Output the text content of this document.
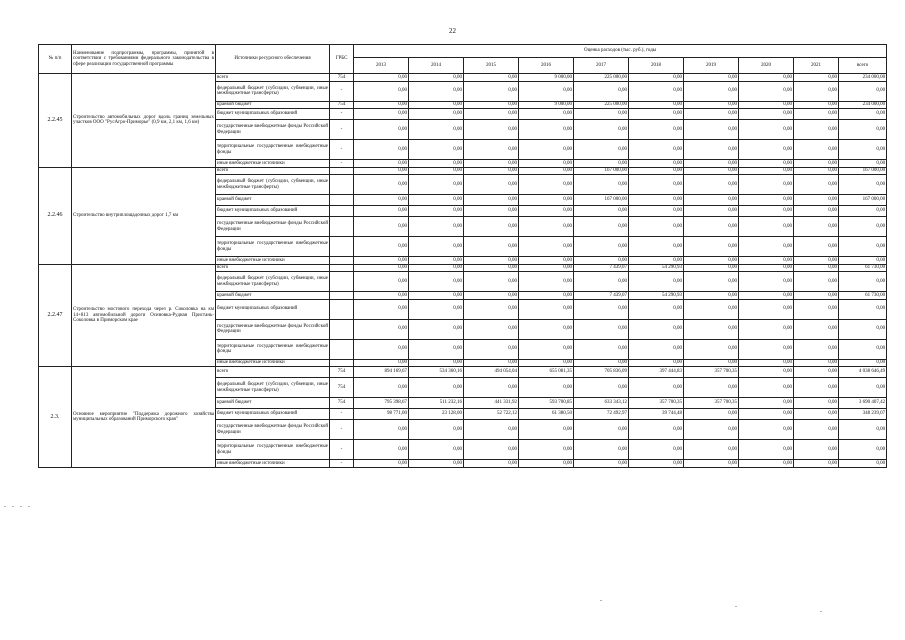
22
№ п/п	Наименование подпрограммы, программы, принятой в соответствии с требованиями федерального законодательства в сфере реализации государственной программы	Источники ресурсного обеспечения	ГРБС	Оценка расходов (тыс. руб.), годы									
				2013	2014	2015	2016	2017	2018	2019	2020	2021	всего
2.2.45	Строительство автомобильных дорог вдоль границ земельных участков ООО "РусАгро-Приморье" (0,9 км, 2,1 км, 1,6 км)	всего	754	0,00	0,00	0,00	9 000,00	225 000,00	0,00	0,00	0,00	0,00	234 000,00
		федеральный бюджет (субсидии, субвенции, иные межбюджетные трансферты)	-	0,00	0,00	0,00	0,00	0,00	0,00	0,00	0,00	0,00	0,00
		краевой бюджет	754	0,00	0,00	0,00	9 000,00	225 000,00	0,00	0,00	0,00	0,00	234 000,00
		бюджет муниципальных образований	-	0,00	0,00	0,00	0,00	0,00	0,00	0,00	0,00	0,00	0,00
		государственные внебюджетные фонды Российской Федерации	-	0,00	0,00	0,00	0,00	0,00	0,00	0,00	0,00	0,00	0,00
		территориальные государственные внебюджетные фонды	-	0,00	0,00	0,00	0,00	0,00	0,00	0,00	0,00	0,00	0,00
		иные внебюджетные источники	-	0,00	0,00	0,00	0,00	0,00	0,00	0,00	0,00	0,00	0,00
2.2.46	Строительство внутриплощадочных дорог 1,7 км	всего		0,00	0,00	0,00	0,00	167 000,00	0,00	0,00	0,00	0,00	167 000,00
		федеральный бюджет (субсидии, субвенции, иные межбюджетные трансферты)		0,00	0,00	0,00	0,00	0,00	0,00	0,00	0,00	0,00	0,00
		краевой бюджет		0,00	0,00	0,00	0,00	167 000,00	0,00	0,00	0,00	0,00	167 000,00
		бюджет муниципальных образований		0,00	0,00	0,00	0,00	0,00	0,00	0,00	0,00	0,00	0,00
		государственные внебюджетные фонды Российской Федерации		0,00	0,00	0,00	0,00	0,00	0,00	0,00	0,00	0,00	0,00
		территориальные государственные внебюджетные фонды		0,00	0,00	0,00	0,00	0,00	0,00	0,00	0,00	0,00	0,00
		иные внебюджетные источники		0,00	0,00	0,00	0,00	0,00	0,00	0,00	0,00	0,00	0,00
2.2.47	Строительство мостового перехода через р. Соколовка на км 14+813 автомобильной дороги Осиновка-Рудная Пристань-Соколовка в Приморском крае	всего		0,00	0,00	0,00	0,00	7 439,07	54 290,93	0,00	0,00	0,00	61 730,00
		федеральный бюджет (субсидии, субвенции, иные межбюджетные трансферты)		0,00	0,00	0,00	0,00	0,00	0,00	0,00	0,00	0,00	0,00
		краевой бюджет		0,00	0,00	0,00	0,00	7 439,07	54 290,93	0,00	0,00	0,00	61 730,00
		бюджет муниципальных образований		0,00	0,00	0,00	0,00	0,00	0,00	0,00	0,00	0,00	0,00
		государственные внебюджетные фонды Российской Федерации		0,00	0,00	0,00	0,00	0,00	0,00	0,00	0,00	0,00	0,00
		территориальные государственные внебюджетные фонды		0,00	0,00	0,00	0,00	0,00	0,00	0,00	0,00	0,00	0,00
		иные внебюджетные источники		0,00	0,00	0,00	0,00	0,00	0,00	0,00	0,00	0,00	0,00
2.3.	Основное мероприятие "Поддержка дорожного хозяйства муниципальных образований Приморского края"	всего	754	894 169,67	534 360,16	494 054,04	655 081,35	705 836,09	397 444,83	357 700,35	0,00	0,00	4 038 646,49
		федеральный бюджет (субсидии, субвенции, иные межбюджетные трансферты)	754	0,00	0,00	0,00	0,00	0,00	0,00	0,00	0,00	0,00	0,00
		краевой бюджет	754	795 398,67	511 232,16	441 331,92	593 700,85	633 343,12	357 700,35	357 700,35	0,00	0,00	3 690 407,42
		бюджет муниципальных образований	-	98 771,00	23 128,00	52 722,12	61 380,50	72 492,97	39 744,48	0,00	0,00	0,00	348 239,07
		государственные внебюджетные фонды Российской Федерации	-	0,00	0,00	0,00	0,00	0,00	0,00	0,00	0,00	0,00	0,00
		территориальные государственные внебюджетные фонды	-	0,00	0,00	0,00	0,00	0,00	0,00	0,00	0,00	0,00	0,00
		иные внебюджетные источники	-	0,00	0,00	0,00	0,00	0,00	0,00	0,00	0,00	0,00	0,00
